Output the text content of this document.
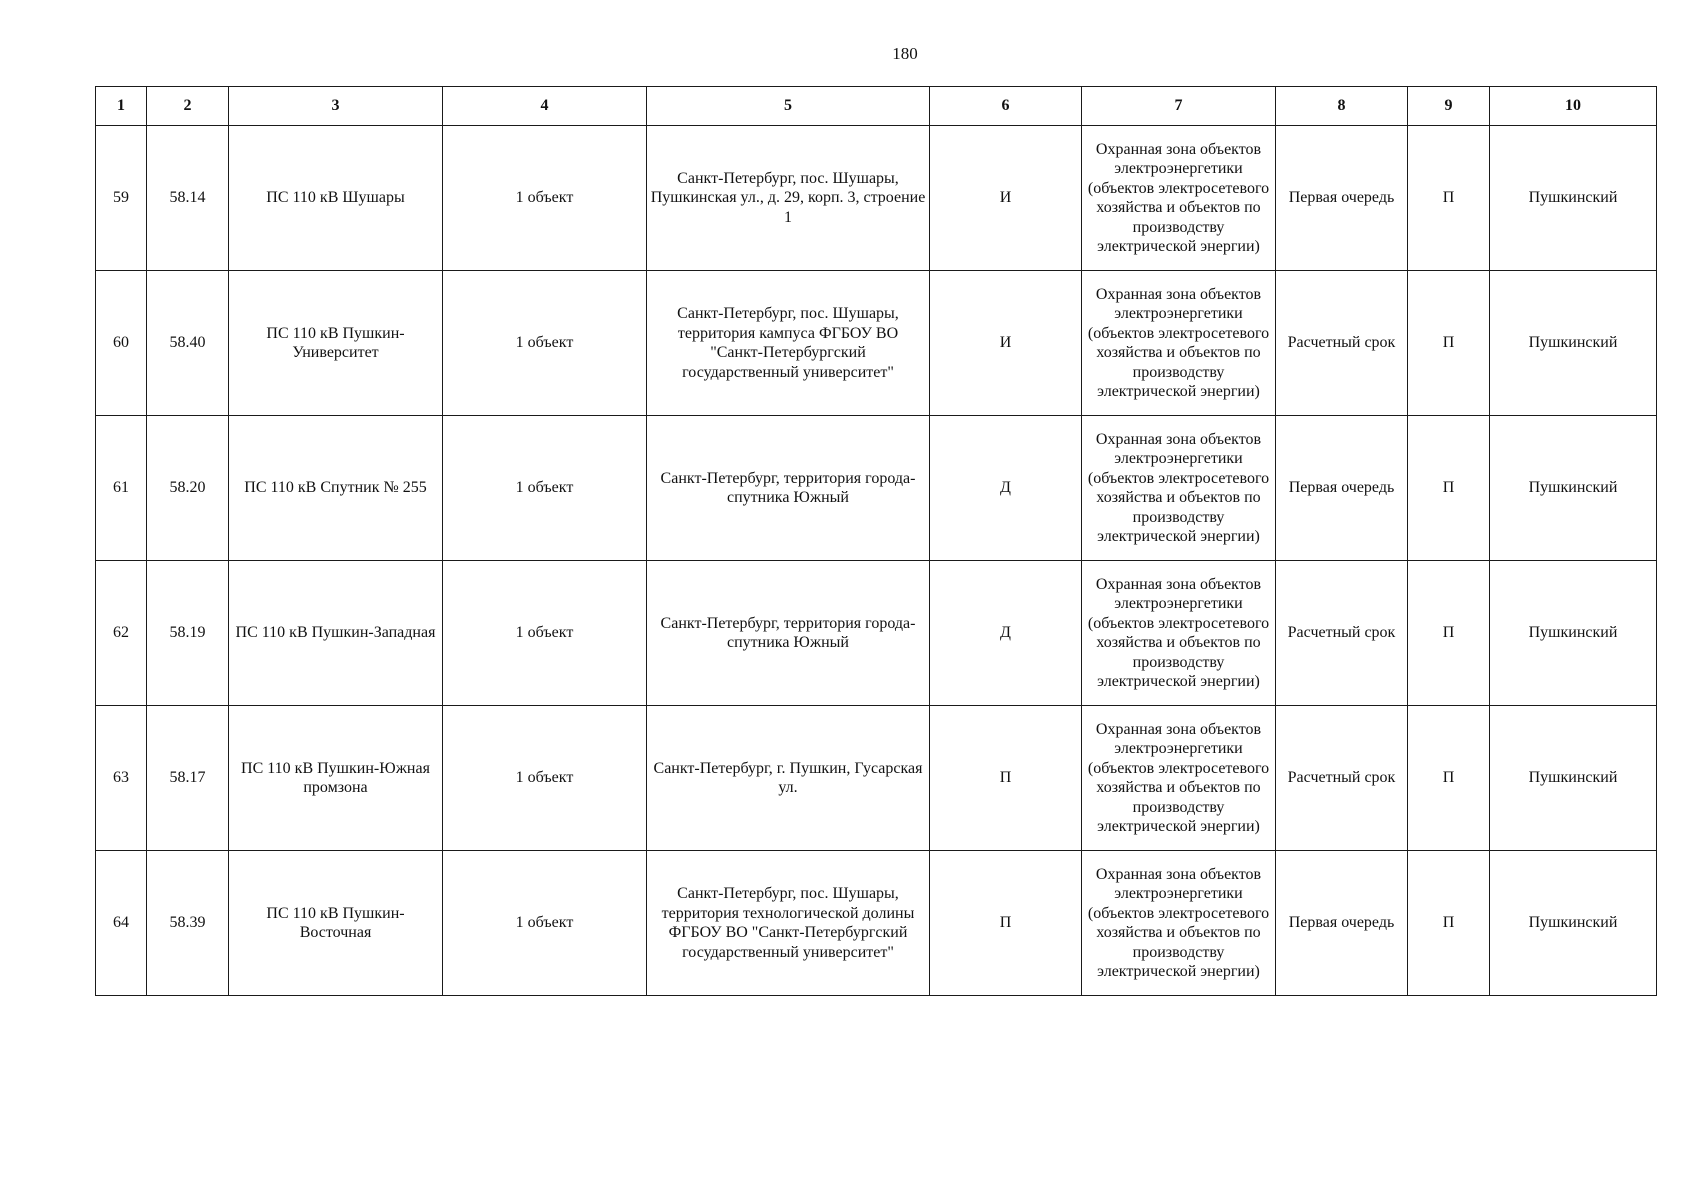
180
1	2	3	4	5	6	7	8	9	10
59	58.14	ПС 110 кВ Шушары	1 объект	Санкт-Петербург, пос. Шушары, Пушкинская ул., д. 29, корп. 3, строение 1	И	Охранная зона объектов электроэнергетики (объектов электросетевого хозяйства и объектов по производству электрической энергии)	Первая очередь	П	Пушкинский
60	58.40	ПС 110 кВ Пушкин-Университет	1 объект	Санкт-Петербург, пос. Шушары, территория кампуса ФГБОУ ВО "Санкт-Петербургский государственный университет"	И	Охранная зона объектов электроэнергетики (объектов электросетевого хозяйства и объектов по производству электрической энергии)	Расчетный срок	П	Пушкинский
61	58.20	ПС 110 кВ Спутник № 255	1 объект	Санкт-Петербург, территория города-спутника Южный	Д	Охранная зона объектов электроэнергетики (объектов электросетевого хозяйства и объектов по производству электрической энергии)	Первая очередь	П	Пушкинский
62	58.19	ПС 110 кВ Пушкин-Западная	1 объект	Санкт-Петербург, территория города-спутника Южный	Д	Охранная зона объектов электроэнергетики (объектов электросетевого хозяйства и объектов по производству электрической энергии)	Расчетный срок	П	Пушкинский
63	58.17	ПС 110 кВ Пушкин-Южная промзона	1 объект	Санкт-Петербург, г. Пушкин, Гусарская ул.	П	Охранная зона объектов электроэнергетики (объектов электросетевого хозяйства и объектов по производству электрической энергии)	Расчетный срок	П	Пушкинский
64	58.39	ПС 110 кВ Пушкин-Восточная	1 объект	Санкт-Петербург, пос. Шушары, территория технологической долины ФГБОУ ВО "Санкт-Петербургский государственный университет"	П	Охранная зона объектов электроэнергетики (объектов электросетевого хозяйства и объектов по производству электрической энергии)	Первая очередь	П	Пушкинский
